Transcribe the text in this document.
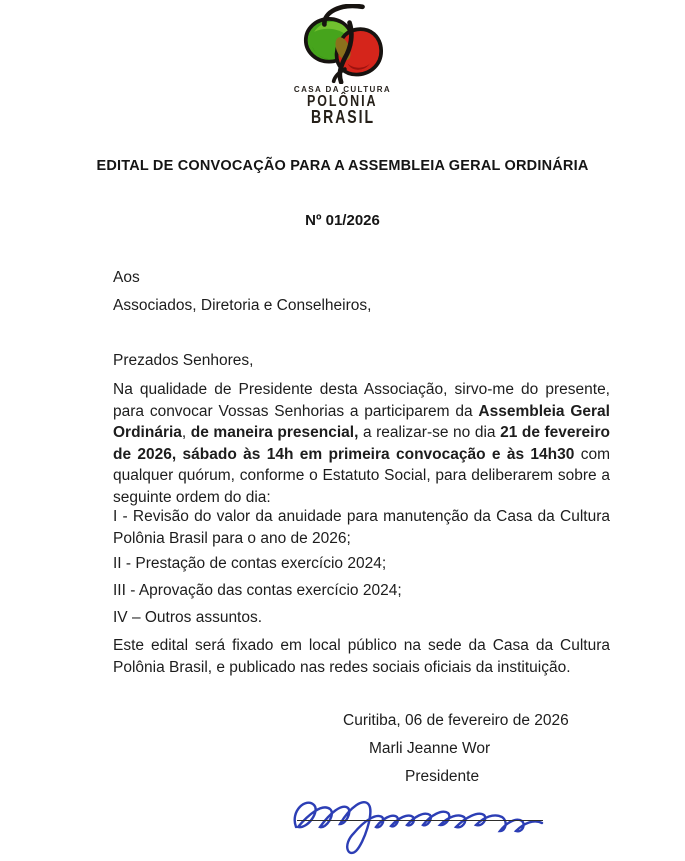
CASA DA CULTURA
POLÔNIA
BRASIL
EDITAL DE CONVOCAÇÃO PARA A ASSEMBLEIA GERAL ORDINÁRIA
Nº 01/2026
Aos
Associados, Diretoria e Conselheiros,
Prezados Senhores,

Na qualidade de Presidente desta Associação, sirvo-me do presente, para convocar Vossas Senhorias a participarem da Assembleia Geral Ordinária, de maneira presencial, a realizar-se no dia 21 de fevereiro de 2026, sábado às 14h em primeira convocação e às 14h30 com qualquer quórum, conforme o Estatuto Social, para deliberarem sobre a seguinte ordem do dia:

I - Revisão do valor da anuidade para manutenção da Casa da Cultura Polônia Brasil para o ano de 2026;

II - Prestação de contas exercício 2024;

III - Aprovação das contas exercício 2024;

IV – Outros assuntos.

Este edital será fixado em local público na sede da Casa da Cultura Polônia Brasil, e publicado nas redes sociais oficiais da instituição.

Curitiba, 06 de fevereiro de 2026
Marli Jeanne Wor
Presidente
